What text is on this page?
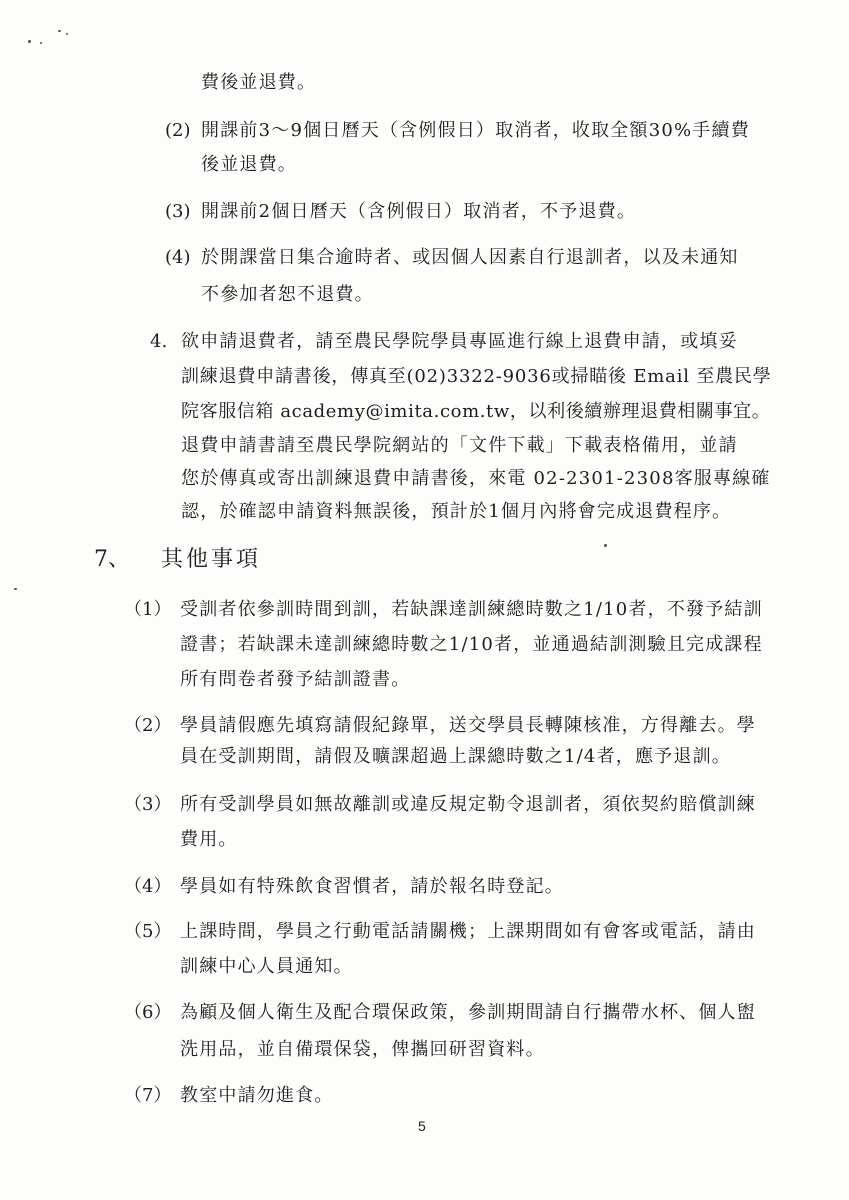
費後並退費。
(2) 開課前3～9個日曆天（含例假日）取消者，收取全額30%手續費
後並退費。
(3) 開課前2個日曆天（含例假日）取消者，不予退費。
(4) 於開課當日集合逾時者、或因個人因素自行退訓者，以及未通知
不參加者恕不退費。
4. 欲申請退費者，請至農民學院學員專區進行線上退費申請，或填妥
訓練退費申請書後，傳真至(02)3322-9036或掃瞄後 Email 至農民學
院客服信箱 academy@imita.com.tw，以利後續辦理退費相關事宜。
退費申請書請至農民學院網站的「文件下載」下載表格備用，並請
您於傳真或寄出訓練退費申請書後，來電 02-2301-2308客服專線確
認，於確認申請資料無誤後，預計於1個月內將會完成退費程序。
7、 其他事項
（1） 受訓者依參訓時間到訓，若缺課達訓練總時數之1/10者，不發予結訓
證書；若缺課未達訓練總時數之1/10者，並通過結訓測驗且完成課程
所有問卷者發予結訓證書。
（2） 學員請假應先填寫請假紀錄單，送交學員長轉陳核准，方得離去。學
員在受訓期間，請假及曠課超過上課總時數之1/4者，應予退訓。
（3） 所有受訓學員如無故離訓或違反規定勒令退訓者，須依契約賠償訓練
費用。
（4） 學員如有特殊飲食習慣者，請於報名時登記。
（5） 上課時間，學員之行動電話請關機；上課期間如有會客或電話，請由
訓練中心人員通知。
（6） 為顧及個人衛生及配合環保政策，參訓期間請自行攜帶水杯、個人盥
洗用品，並自備環保袋，俾攜回研習資料。
（7） 教室中請勿進食。
5
